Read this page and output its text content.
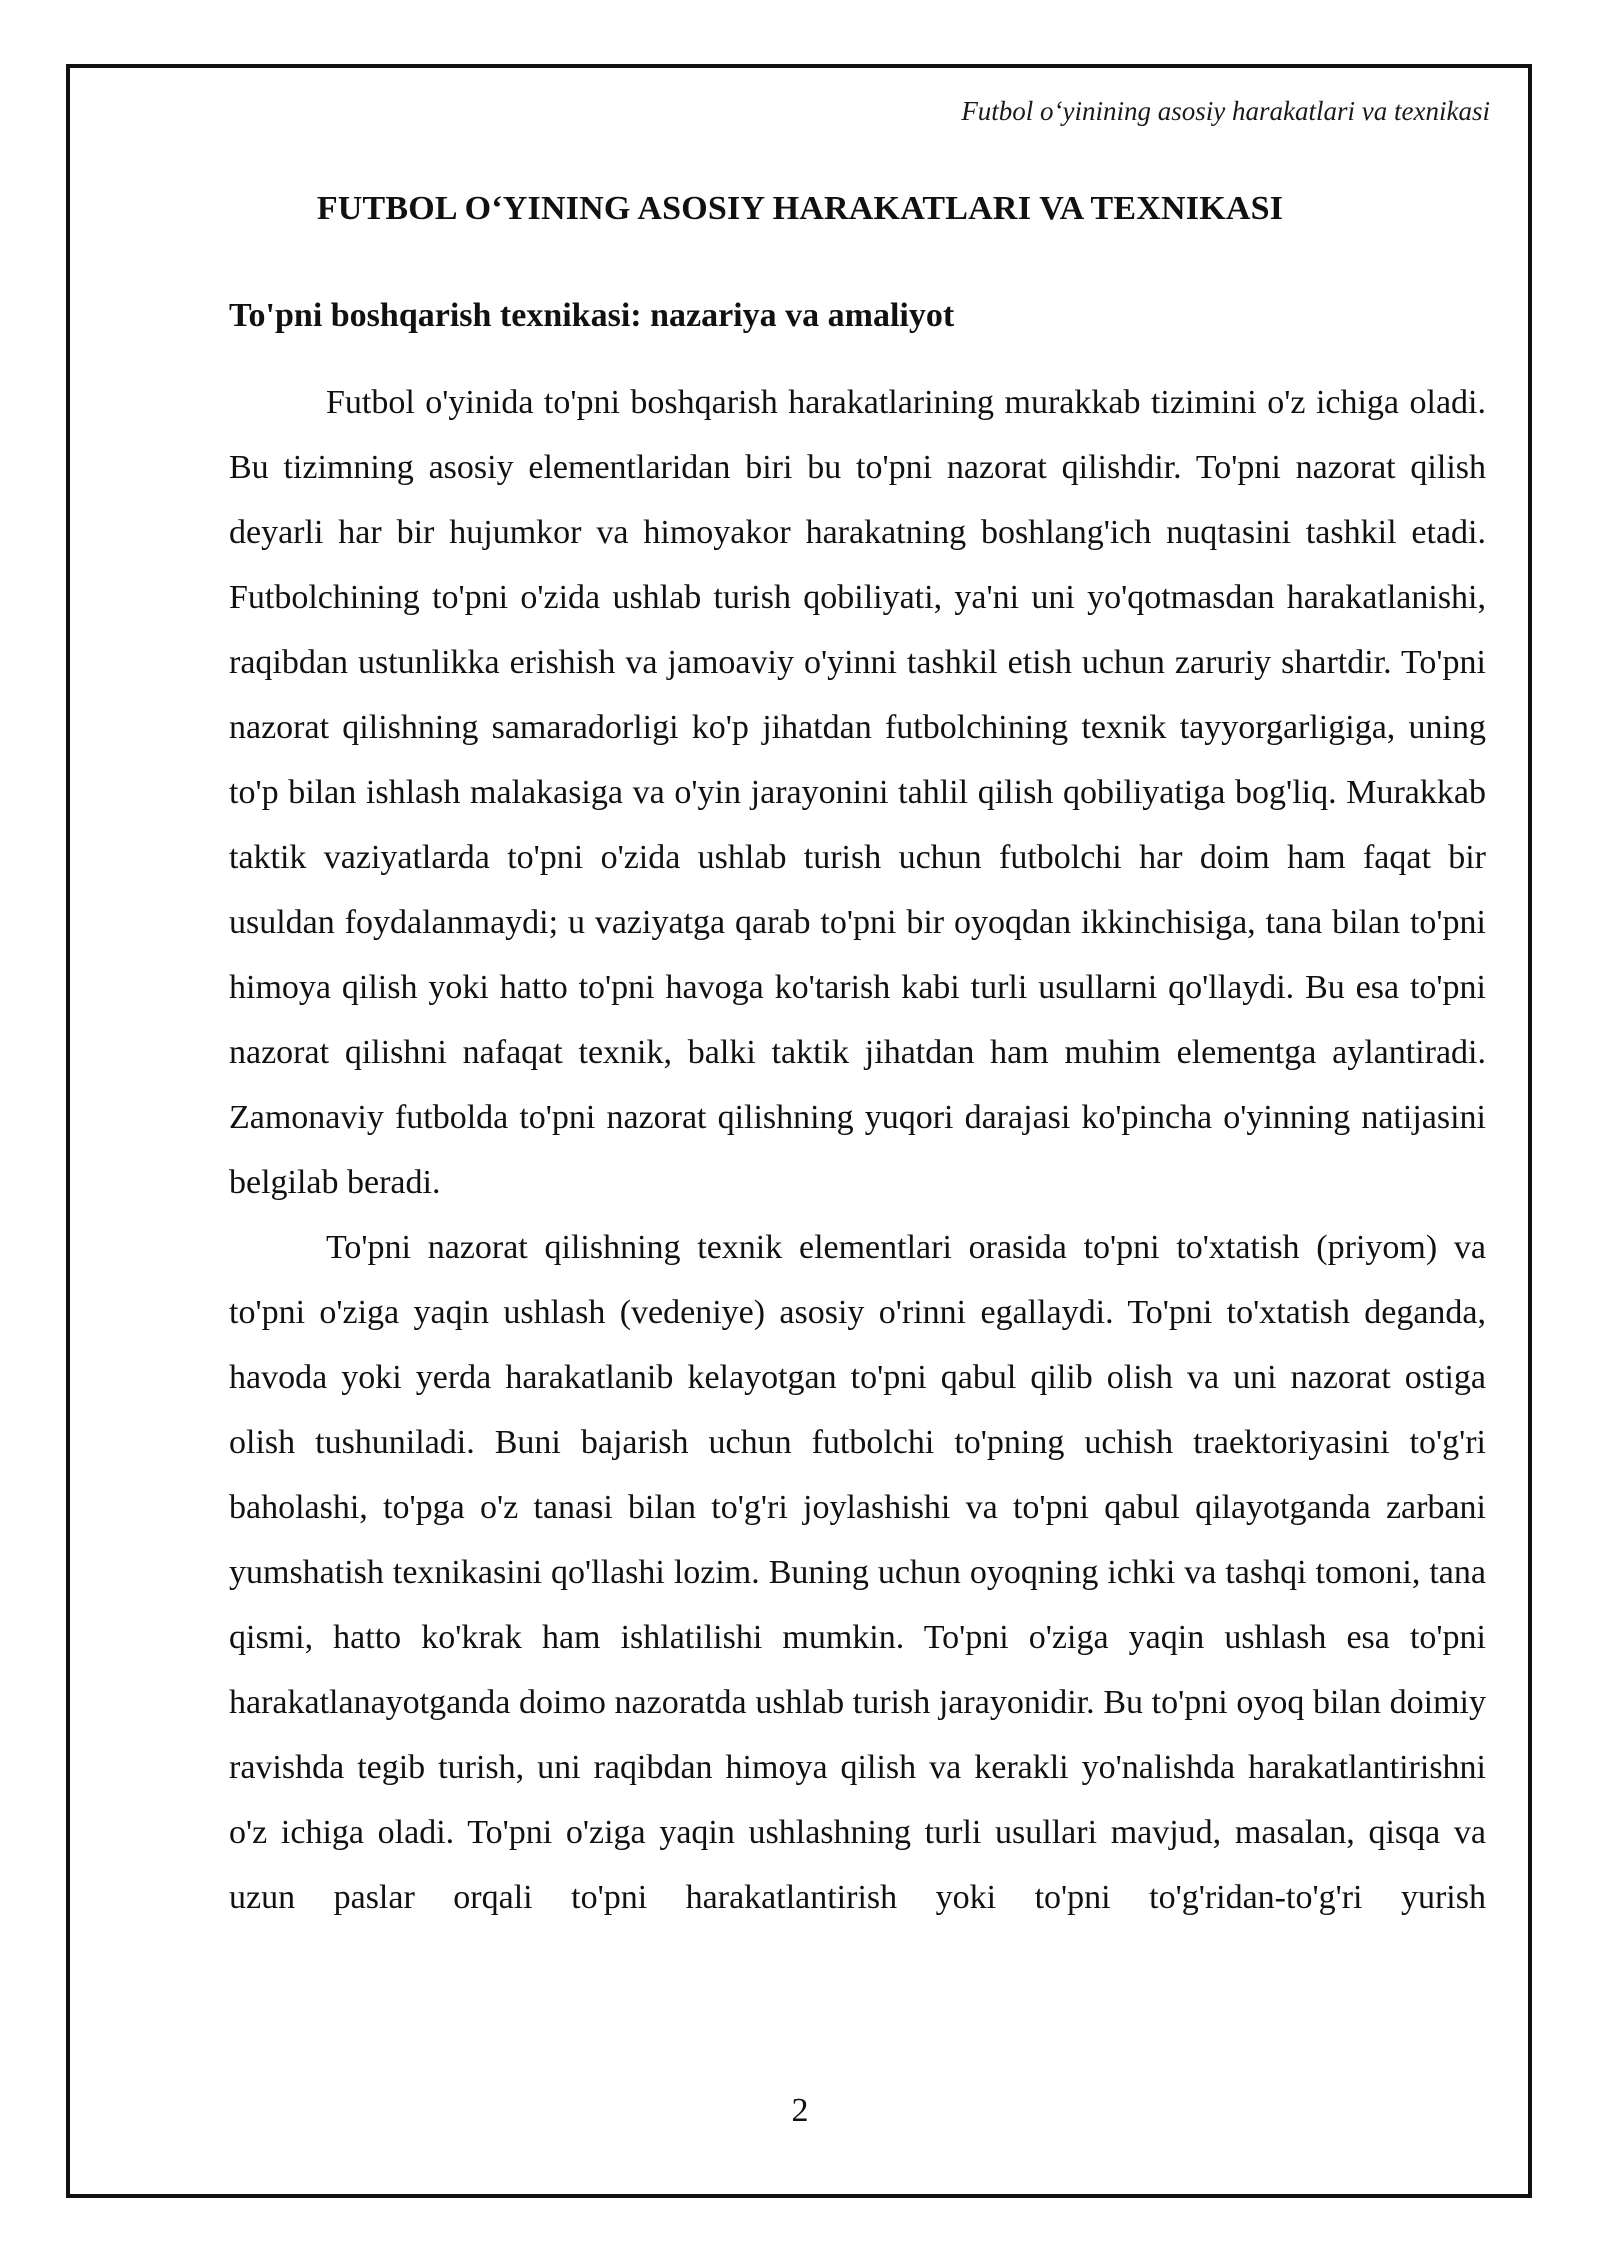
Futbol o‘yinining asosiy harakatlari va texnikasi
FUTBOL O‘YINING ASOSIY HARAKATLARI VA TEXNIKASI
To'pni boshqarish texnikasi: nazariya va amaliyot

Futbol o'yinida to'pni boshqarish harakatlarining murakkab tizimini o'z ichiga oladi. Bu tizimning asosiy elementlaridan biri bu to'pni nazorat qilishdir. To'pni nazorat qilish deyarli har bir hujumkor va himoyakor harakatning boshlang'ich nuqtasini tashkil etadi. Futbolchining to'pni o'zida ushlab turish qobiliyati, ya'ni uni yo'qotmasdan harakatlanishi, raqibdan ustunlikka erishish va jamoaviy o'yinni tashkil etish uchun zaruriy shartdir. To'pni nazorat qilishning samaradorligi ko'p jihatdan futbolchining texnik tayyorgarligiga, uning to'p bilan ishlash malakasiga va o'yin jarayonini tahlil qilish qobiliyatiga bog'liq. Murakkab taktik vaziyatlarda to'pni o'zida ushlab turish uchun futbolchi har doim ham faqat bir usuldan foydalanmaydi; u vaziyatga qarab to'pni bir oyoqdan ikkinchisiga, tana bilan to'pni himoya qilish yoki hatto to'pni havoga ko'tarish kabi turli usullarni qo'llaydi. Bu esa to'pni nazorat qilishni nafaqat texnik, balki taktik jihatdan ham muhim elementga aylantiradi. Zamonaviy futbolda to'pni nazorat qilishning yuqori darajasi ko'pincha o'yinning natijasini belgilab beradi.

To'pni nazorat qilishning texnik elementlari orasida to'pni to'xtatish (priyom) va to'pni o'ziga yaqin ushlash (vedeniye) asosiy o'rinni egallaydi. To'pni to'xtatish deganda, havoda yoki yerda harakatlanib kelayotgan to'pni qabul qilib olish va uni nazorat ostiga olish tushuniladi. Buni bajarish uchun futbolchi to'pning uchish traektoriyasini to'g'ri baholashi, to'pga o'z tanasi bilan to'g'ri joylashishi va to'pni qabul qilayotganda zarbani yumshatish texnikasini qo'llashi lozim. Buning uchun oyoqning ichki va tashqi tomoni, tana qismi, hatto ko'krak ham ishlatilishi mumkin. To'pni o'ziga yaqin ushlash esa to'pni harakatlanayotganda doimo nazoratda ushlab turish jarayonidir. Bu to'pni oyoq bilan doimiy ravishda tegib turish, uni raqibdan himoya qilish va kerakli yo'nalishda harakatlantirishni o'z ichiga oladi. To'pni o'ziga yaqin ushlashning turli usullari mavjud, masalan, qisqa va uzun paslar orqali to'pni harakatlantirish yoki to'pni to'g'ridan-to'g'ri yurish

2
